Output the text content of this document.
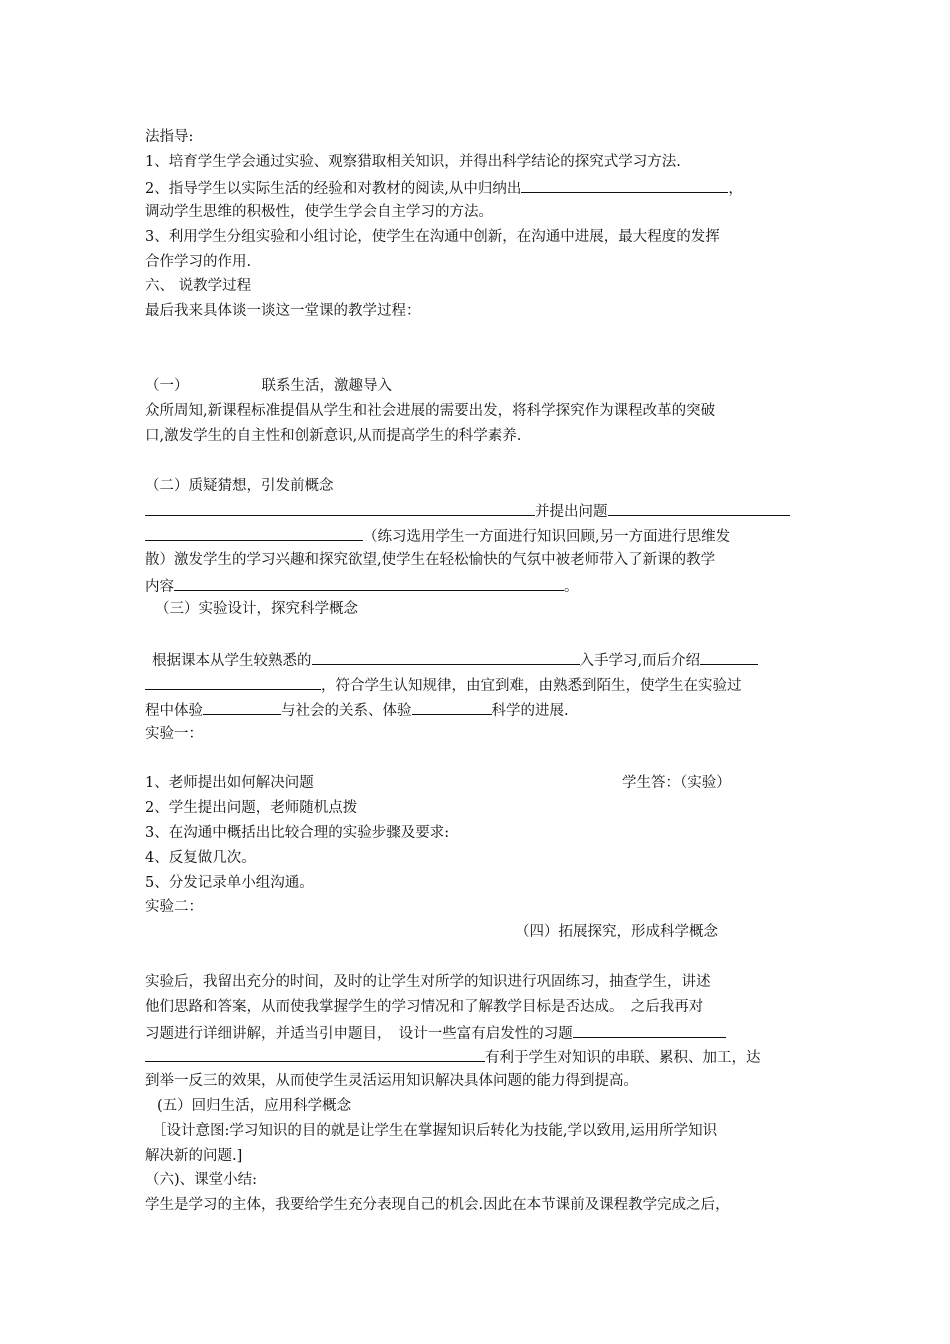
法指导:
1、培育学生学会通过实验、观察猎取相关知识，并得出科学结论的探究式学习方法.
2、指导学生以实际生活的经验和对教材的阅读,从中归纳出	，
调动学生思维的积极性，使学生学会自主学习的方法。
3、利用学生分组实验和小组讨论，使学生在沟通中创新，在沟通中进展，最大程度的发挥
合作学习的作用.
六、 说教学过程
最后我来具体谈一谈这一堂课的教学过程：
（一）	联系生活，激趣导入
众所周知,新课程标准提倡从学生和社会进展的需要出发，将科学探究作为课程改革的突破
口,激发学生的自主性和创新意识,从而提高学生的科学素养.
（二）质疑猜想，引发前概念
并提出问题
（练习选用学生一方面进行知识回顾,另一方面进行思维发
散）激发学生的学习兴趣和探究欲望,使学生在轻松愉快的气氛中被老师带入了新课的教学
内容	。
（三）实验设计，探究科学概念
根据课本从学生较熟悉的	入手学习,而后介绍
，符合学生认知规律，由宜到难，由熟悉到陌生，使学生在实验过
程中体验	与社会的关系、体验	科学的进展.
实验一：
1、老师提出如何解决问题	学生答：（实验）
2、学生提出问题，老师随机点拨
3、在沟通中概括出比较合理的实验步骤及要求:
4、反复做几次。
5、分发记录单小组沟通。
实验二：
（四）拓展探究，形成科学概念
实验后，我留出充分的时间，及时的让学生对所学的知识进行巩固练习，抽查学生，讲述
他们思路和答案，从而使我掌握学生的学习情况和了解教学目标是否达成。　之后我再对
习题进行详细讲解，并适当引申题目，　设计一些富有启发性的习题
有利于学生对知识的串联、累积、加工，达
到举一反三的效果，从而使学生灵活运用知识解决具体问题的能力得到提高。
(五）回归生活，应用科学概念
［设计意图:学习知识的目的就是让学生在掌握知识后转化为技能,学以致用,运用所学知识
解决新的问题.]
（六)、课堂小结:
学生是学习的主体，我要给学生充分表现自己的机会.因此在本节课前及课程教学完成之后，
